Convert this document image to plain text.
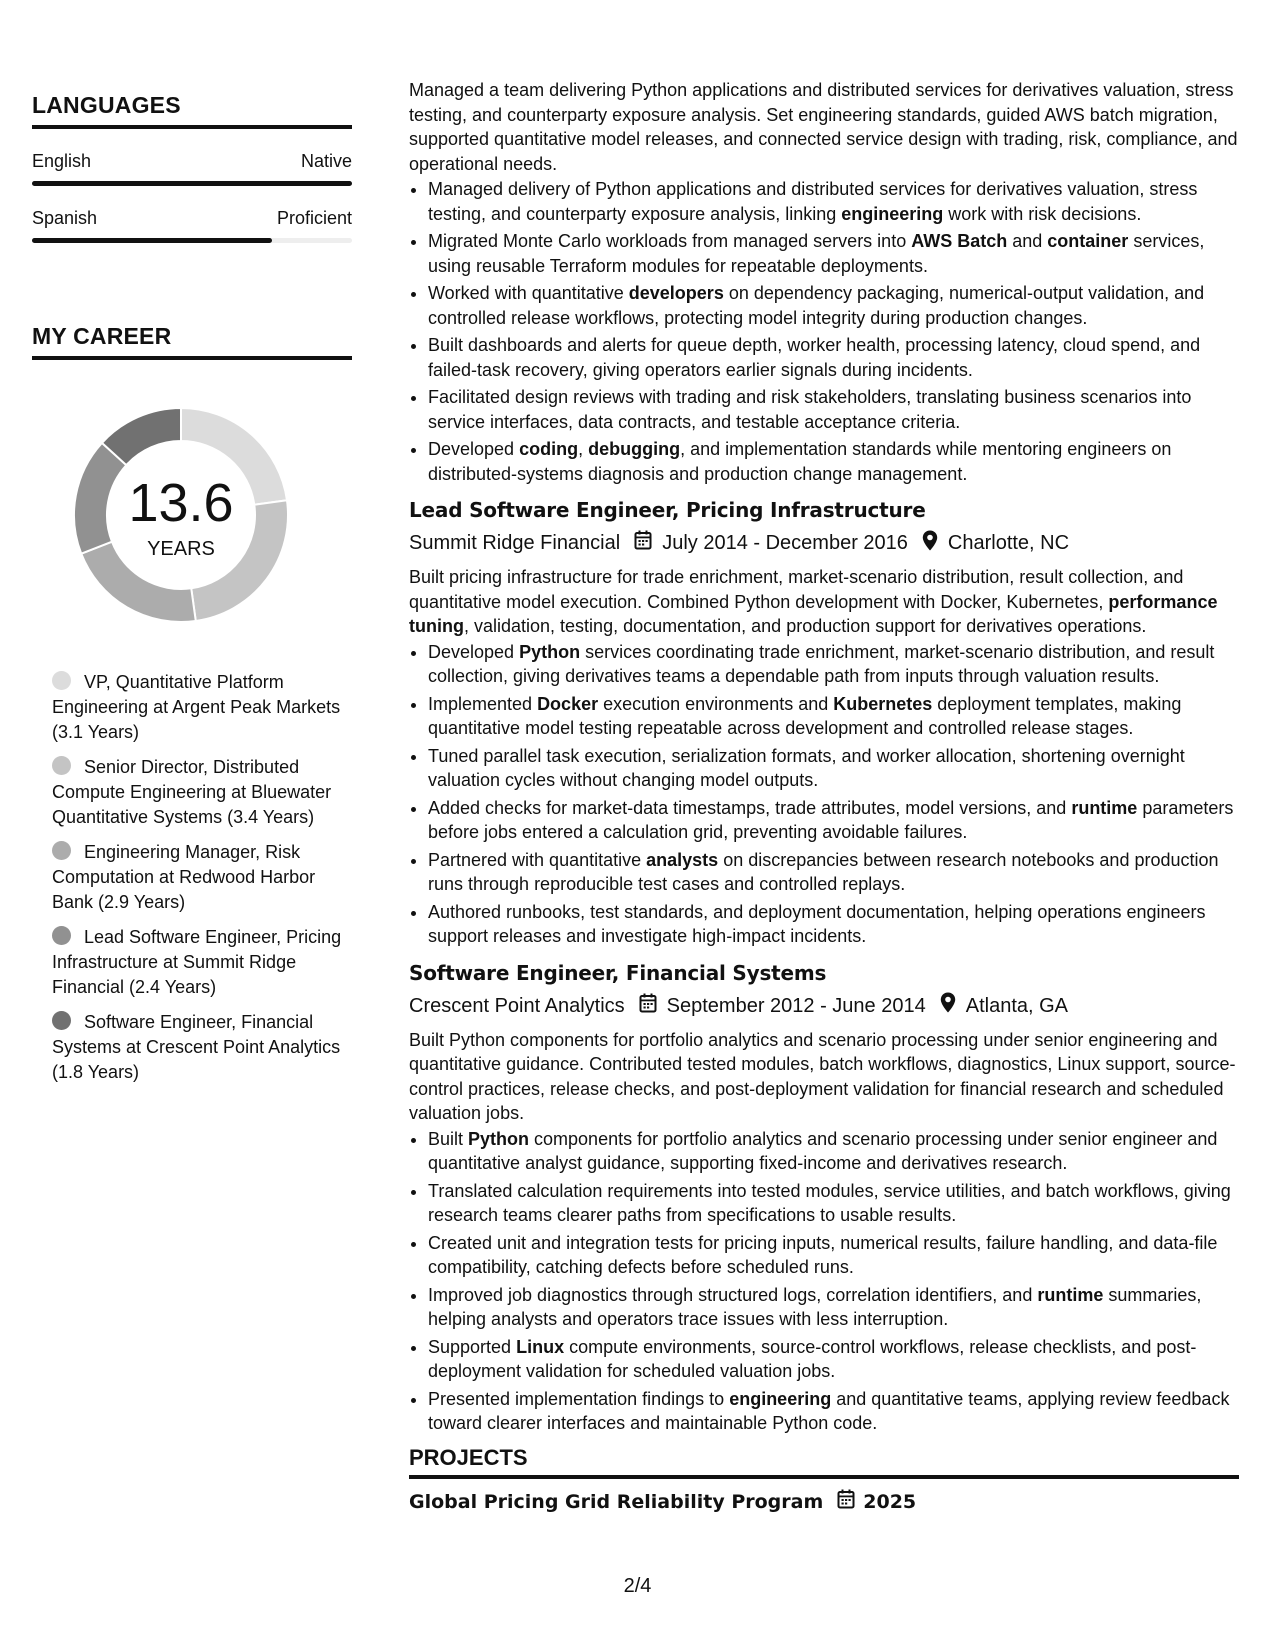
LANGUAGES
English	Native
Spanish	Proficient
MY CAREER
13.6
YEARS
VP, Quantitative Platform Engineering at Argent Peak Markets (3.1 Years)
Senior Director, Distributed Compute Engineering at Bluewater Quantitative Systems (3.4 Years)
Engineering Manager, Risk Computation at Redwood Harbor Bank (2.9 Years)
Lead Software Engineer, Pricing Infrastructure at Summit Ridge Financial (2.4 Years)
Software Engineer, Financial Systems at Crescent Point Analytics (1.8 Years)

Managed a team delivering Python applications and distributed services for derivatives valuation, stress testing, and counterparty exposure analysis. Set engineering standards, guided AWS batch migration, supported quantitative model releases, and connected service design with trading, risk, compliance, and operational needs.

• Managed delivery of Python applications and distributed services for derivatives valuation, stress testing, and counterparty exposure analysis, linking engineering work with risk decisions.
• Migrated Monte Carlo workloads from managed servers into AWS Batch and container services, using reusable Terraform modules for repeatable deployments.
• Worked with quantitative developers on dependency packaging, numerical-output validation, and controlled release workflows, protecting model integrity during production changes.
• Built dashboards and alerts for queue depth, worker health, processing latency, cloud spend, and failed-task recovery, giving operators earlier signals during incidents.
• Facilitated design reviews with trading and risk stakeholders, translating business scenarios into service interfaces, data contracts, and testable acceptance criteria.
• Developed coding, debugging, and implementation standards while mentoring engineers on distributed-systems diagnosis and production change management.
Lead Software Engineer, Pricing Infrastructure
Summit Ridge Financial July 2014 - December 2016 Charlotte, NC

Built pricing infrastructure for trade enrichment, market-scenario distribution, result collection, and quantitative model execution. Combined Python development with Docker, Kubernetes, performance tuning, validation, testing, documentation, and production support for derivatives operations.

• Developed Python services coordinating trade enrichment, market-scenario distribution, and result collection, giving derivatives teams a dependable path from inputs through valuation results.
• Implemented Docker execution environments and Kubernetes deployment templates, making quantitative model testing repeatable across development and controlled release stages.
• Tuned parallel task execution, serialization formats, and worker allocation, shortening overnight valuation cycles without changing model outputs.
• Added checks for market-data timestamps, trade attributes, model versions, and runtime parameters before jobs entered a calculation grid, preventing avoidable failures.
• Partnered with quantitative analysts on discrepancies between research notebooks and production runs through reproducible test cases and controlled replays.
• Authored runbooks, test standards, and deployment documentation, helping operations engineers support releases and investigate high-impact incidents.
Software Engineer, Financial Systems
Crescent Point Analytics September 2012 - June 2014 Atlanta, GA

Built Python components for portfolio analytics and scenario processing under senior engineering and quantitative guidance. Contributed tested modules, batch workflows, diagnostics, Linux support, source-control practices, release checks, and post-deployment validation for financial research and scheduled valuation jobs.

• Built Python components for portfolio analytics and scenario processing under senior engineer and quantitative analyst guidance, supporting fixed-income and derivatives research.
• Translated calculation requirements into tested modules, service utilities, and batch workflows, giving research teams clearer paths from specifications to usable results.
• Created unit and integration tests for pricing inputs, numerical results, failure handling, and data-file compatibility, catching defects before scheduled runs.
• Improved job diagnostics through structured logs, correlation identifiers, and runtime summaries, helping analysts and operators trace issues with less interruption.
• Supported Linux compute environments, source-control workflows, release checklists, and post-deployment validation for scheduled valuation jobs.
• Presented implementation findings to engineering and quantitative teams, applying review feedback toward clearer interfaces and maintainable Python code.
PROJECTS
Global Pricing Grid Reliability Program 2025
2/4
